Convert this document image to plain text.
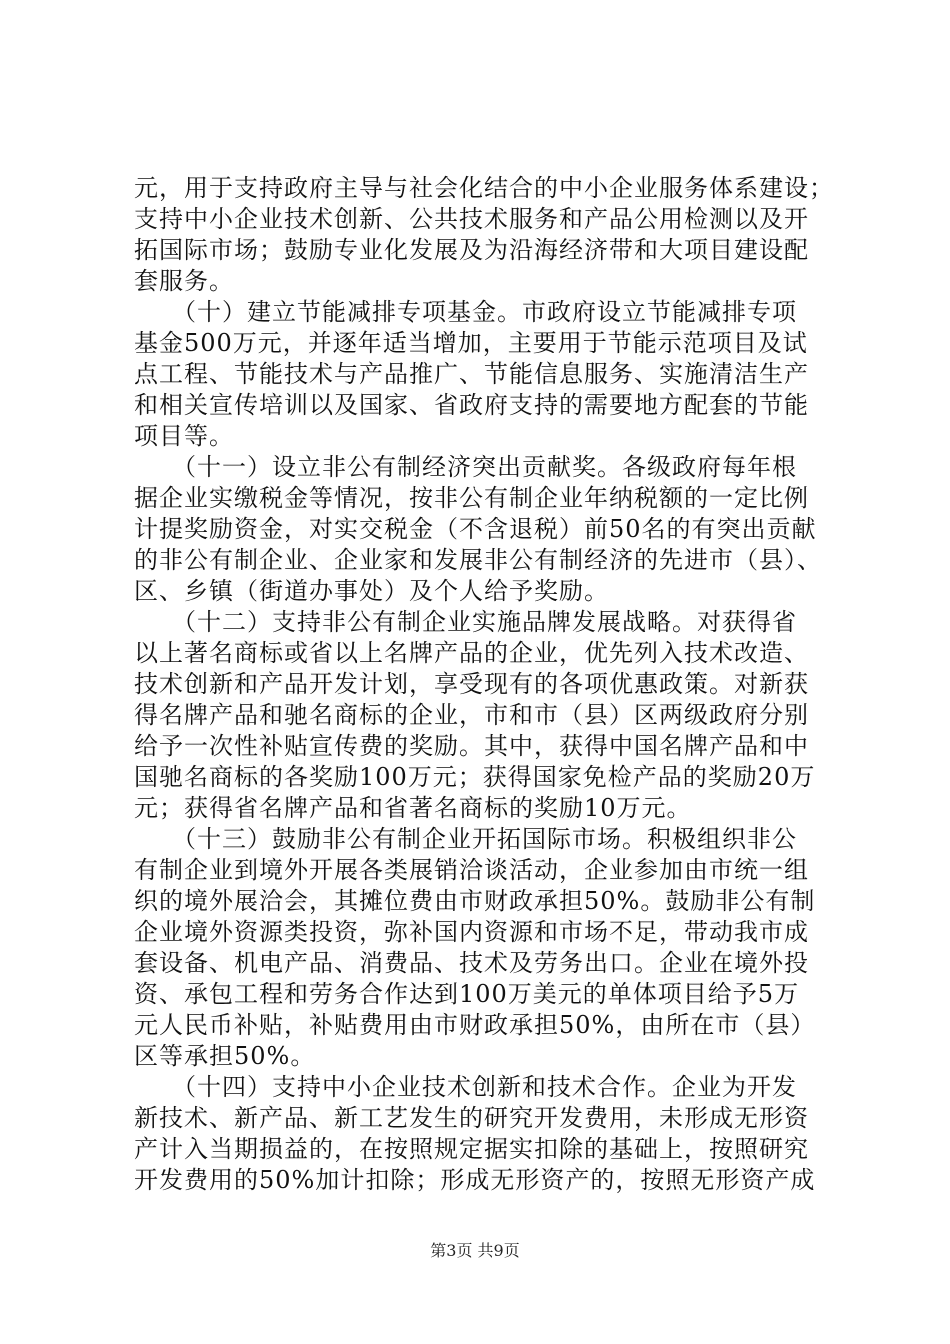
元，用于支持政府主导与社会化结合的中小企业服务体系建设；

支持中小企业技术创新、公共技术服务和产品公用检测以及开

拓国际市场；鼓励专业化发展及为沿海经济带和大项目建设配

套服务。

　　（十）建立节能减排专项基金。市政府设立节能减排专项

基金500万元，并逐年适当增加，主要用于节能示范项目及试

点工程、节能技术与产品推广、节能信息服务、实施清洁生产

和相关宣传培训以及国家、省政府支持的需要地方配套的节能

项目等。

　　（十一）设立非公有制经济突出贡献奖。各级政府每年根

据企业实缴税金等情况，按非公有制企业年纳税额的一定比例

计提奖励资金，对实交税金（不含退税）前50名的有突出贡献

的非公有制企业、企业家和发展非公有制经济的先进市（县）、

区、乡镇（街道办事处）及个人给予奖励。

　　（十二）支持非公有制企业实施品牌发展战略。对获得省

以上著名商标或省以上名牌产品的企业，优先列入技术改造、

技术创新和产品开发计划，享受现有的各项优惠政策。对新获

得名牌产品和驰名商标的企业，市和市（县）区两级政府分别

给予一次性补贴宣传费的奖励。其中，获得中国名牌产品和中

国驰名商标的各奖励100万元；获得国家免检产品的奖励20万

元；获得省名牌产品和省著名商标的奖励10万元。

　　（十三）鼓励非公有制企业开拓国际市场。积极组织非公

有制企业到境外开展各类展销洽谈活动，企业参加由市统一组

织的境外展洽会，其摊位费由市财政承担50%。鼓励非公有制

企业境外资源类投资，弥补国内资源和市场不足，带动我市成

套设备、机电产品、消费品、技术及劳务出口。企业在境外投

资、承包工程和劳务合作达到100万美元的单体项目给予5万

元人民币补贴，补贴费用由市财政承担50%，由所在市（县）

区等承担50%。

　　（十四）支持中小企业技术创新和技术合作。企业为开发

新技术、新产品、新工艺发生的研究开发费用，未形成无形资

产计入当期损益的，在按照规定据实扣除的基础上，按照研究

开发费用的50%加计扣除；形成无形资产的，按照无形资产成

第3页 共9页
